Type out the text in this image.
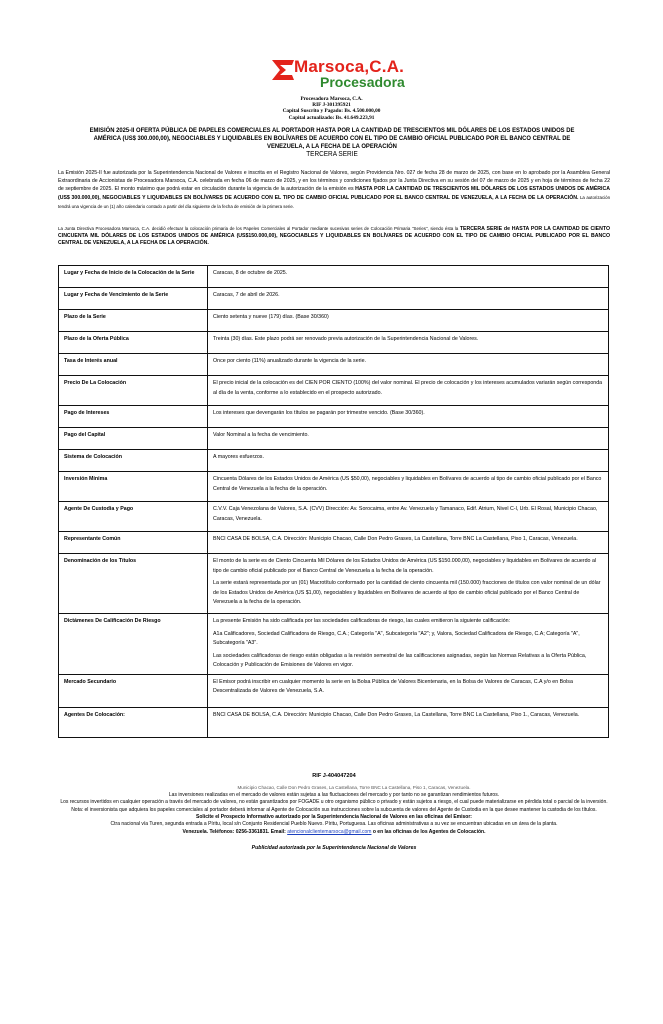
Marsoca,C.A.
Procesadora
Procesadora Marsoca, C.A.
RIF J-301395921
Capital Suscrito y Pagado: Bs. 4.500.000,00
Capital actualizado: Bs. 41.649.223,91
EMISIÓN 2025-II OFERTA PÚBLICA DE PAPELES COMERCIALES AL PORTADOR HASTA POR LA CANTIDAD DE TRESCIENTOS MIL DÓLARES DE LOS ESTADOS UNIDOS DE AMÉRICA (US$ 300.000,00), NEGOCIABLES Y LIQUIDABLES EN BOLÍVARES DE ACUERDO CON EL TIPO DE CAMBIO OFICIAL PUBLICADO POR EL BANCO CENTRAL DE VENEZUELA, A LA FECHA DE LA OPERACIÓN
TERCERA SERIE
La Emisión 2025-II fue autorizada por la Superintendencia Nacional de Valores e inscrita en el Registro Nacional de Valores, según Providencia Nro. 027 de fecha 28 de marzo de 2025, con base en lo aprobado por la Asamblea General Extraordinaria de Accionistas de Procesadora Marsoca, C.A. celebrada en fecha 06 de marzo de 2025, y en los términos y condiciones fijados por la Junta Directiva en su sesión del 07 de marzo de 2025 y en hoja de términos de fecha 22 de septiembre de 2025. El monto máximo que podrá estar en circulación durante la vigencia de la autorización de la emisión es HASTA POR LA CANTIDAD DE TRESCIENTOS MIL DÓLARES DE LOS ESTADOS UNIDOS DE AMÉRICA (US$ 300.000,00), NEGOCIABLES Y LIQUIDABLES EN BOLÍVARES DE ACUERDO CON EL TIPO DE CAMBIO OFICIAL PUBLICADO POR EL BANCO CENTRAL DE VENEZUELA, A LA FECHA DE LA OPERACIÓN. La autorización tendrá una vigencia de un (1) año calendario contado a partir del día siguiente de la fecha de emisión de la primera serie.
La Junta Directiva Procesadora Marsoca, C.A. decidió efectuar la colocación primaria de los Papeles Comerciales al Portador mediante sucesivas series de Colocación Primaria "Series", siendo ésta la TERCERA SERIE de HASTA POR LA CANTIDAD DE CIENTO CINCUENTA MIL DÓLARES DE LOS ESTADOS UNIDOS DE AMÉRICA (US$150.000,00), NEGOCIABLES Y LIQUIDABLES EN BOLÍVARES DE ACUERDO CON EL TIPO DE CAMBIO OFICIAL PUBLICADO POR EL BANCO CENTRAL DE VENEZUELA, A LA FECHA DE LA OPERACIÓN.
Lugar y Fecha de Inicio de la Colocación de la Serie	Caracas, 8 de octubre de 2025.

Lugar y Fecha de Vencimiento de la Serie	Caracas, 7 de abril de 2026.

Plazo de la Serie	Ciento setenta y nueve (179) días. (Base 30/360)

Plazo de la Oferta Pública	Treinta (30) días. Este plazo podrá ser renovado previa autorización de la Superintendencia Nacional de Valores.

Tasa de Interés anual	Once por ciento (11%) anualizado durante la vigencia de la serie.

Precio De La Colocación	El precio inicial de la colocación es del CIEN POR CIENTO (100%) del valor nominal. El precio de colocación y los intereses acumulados variarán según corresponda al día de la venta, conforme a lo establecido en el prospecto autorizado.

Pago de Intereses	Los intereses que devengarán los títulos se pagarán por trimestre vencido. (Base 30/360).

Pago del Capital	Valor Nominal a la fecha de vencimiento.

Sistema de Colocación	A mayores esfuerzos.

Inversión Mínima	Cincuenta Dólares de los Estados Unidos de América (US $50,00), negociables y liquidables en Bolívares de acuerdo al tipo de cambio oficial publicado por el Banco Central de Venezuela a la fecha de la operación.

Agente De Custodia y Pago	C.V.V. Caja Venezolana de Valores, S.A. (CVV) Dirección: Av. Sorocaima, entre Av. Venezuela y Tamanaco, Edif. Atrium, Nivel C-l, Urb. El Rosal, Municipio Chacao, Caracas, Venezuela.

Representante Común	BNCI CASA DE BOLSA, C.A. Dirección: Municipio Chacao, Calle Don Pedro Grases, La Castellana, Torre BNC La Castellana, Piso 1, Caracas, Venezuela.

Denominación de los Títulos	El monto de la serie es de Ciento Cincuenta Mil Dólares de los Estados Unidos de América (US $150.000,00), negociables y liquidables en Bolívares de acuerdo al tipo de cambio oficial publicado por el Banco Central de Venezuela a la fecha de la operación.

La serie estará representada por un (01) Macrotítulo conformado por la cantidad de ciento cincuenta mil (150.000) fracciones de títulos con valor nominal de un dólar de los Estados Unidos de América (US $1,00), negociables y liquidables en Bolívares de acuerdo al tipo de cambio oficial publicado por el Banco Central de Venezuela a la fecha de la operación.

Dictámenes De Calificación De Riesgo	La presente Emisión ha sido calificada por las sociedades calificadoras de riesgo, las cuales emitieron la siguiente calificación:

A1a Calificadores, Sociedad Calificadora de Riesgo, C.A.; Categoría "A", Subcategoría "A2"; y, Valora, Sociedad Calificadora de Riesgo, C.A; Categoría "A", Subcategoría "A3".

Las sociedades calificadoras de riesgo están obligadas a la revisión semestral de las calificaciones asignadas, según las Normas Relativas a la Oferta Pública, Colocación y Publicación de Emisiones de Valores en vigor.

Mercado Secundario	El Emisor podrá inscribir en cualquier momento la serie en la Bolsa Pública de Valores Bicentenaria, en la Bolsa de Valores de Caracas, C.A y/o en Bolsa Descentralizada de Valores de Venezuela, S.A.

Agentes De Colocación:	BNCI CASA DE BOLSA, C.A. Dirección: Municipio Chacao, Calle Don Pedro Grases, La Castellana, Torre BNC La Castellana, Piso 1., Caracas, Venezuela.

RIF J-404047204
Municipio Chacao, Calle Don Pedro Grases, La Castellana, Torre BNC La Castellana, Piso 1, Caracas, Venezuela.
Las inversiones realizadas en el mercado de valores están sujetas a las fluctuaciones del mercado y por tanto no se garantizan rendimientos futuros.
Los recursos invertidos en cualquier operación a través del mercado de valores, no están garantizados por FOGADE u otro organismo público o privado y están sujetos a riesgo, el cual puede materializarse en pérdida total o parcial de la inversión. Nota: el inversionista que adquiera los papeles comerciales al portador deberá informar al Agente de Colocación sus instrucciones sobre la subcuenta de valores del Agente de Custodia en la que desee mantener la custodia de los títulos.
Solicite el Prospecto Informativo autorizado por la Superintendencia Nacional de Valores en las oficinas del Emisor:
Ctra nacional vía Turen, segunda entrada a Píritu, local s/n Conjunto Residencial Pueblo Nuevo. Píritu, Portuguesa. Las oficinas administrativas a su vez se encuentran ubicadas en un área de la planta.
Venezuela. Teléfonos: 0256-3361831. Email: atencionalclientemarsoca@gmail.com o en las oficinas de los Agentes de Colocación.
Publicidad autorizada por la Superintendencia Nacional de Valores
